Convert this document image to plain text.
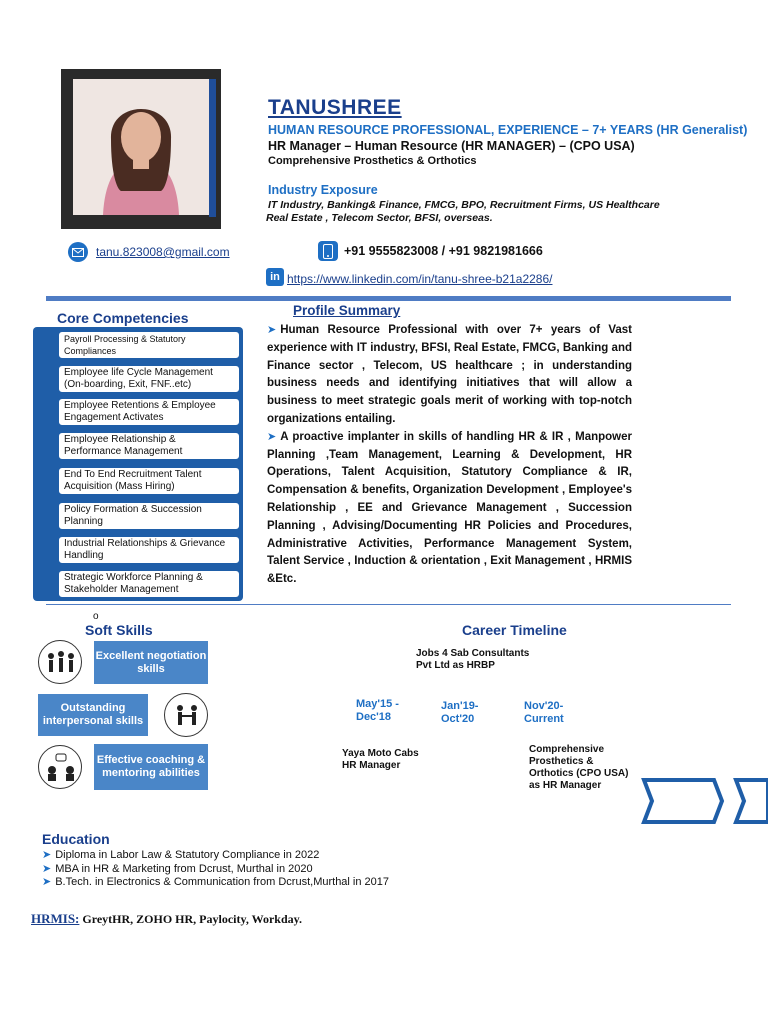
TANUSHREE
HUMAN RESOURCE PROFESSIONAL, EXPERIENCE – 7+ YEARS (HR Generalist)
HR Manager – Human Resource (HR MANAGER) – (CPO USA)
Comprehensive Prosthetics & Orthotics
Industry Exposure
IT Industry, Banking& Finance, FMCG, BPO, Recruitment Firms, US Healthcare
Real Estate , Telecom Sector, BFSI, overseas.
tanu.823008@gmail.com	+91 9555823008 / +91 9821981666
in https://www.linkedin.com/in/tanu-shree-b21a2286/
Core Competencies
Payroll Processing & Statutory Compliances
Employee life Cycle Management (On-boarding, Exit, FNF..etc)
Employee Retentions & Employee Engagement Activates
Employee Relationship & Performance Management
End To End Recruitment Talent Acquisition (Mass Hiring)
Policy Formation & Succession Planning
Industrial Relationships & Grievance Handling
Strategic Workforce Planning & Stakeholder Management
Profile Summary
➤ Human Resource Professional with over 7+ years of Vast experience with IT industry, BFSI, Real Estate, FMCG, Banking and Finance sector , Telecom, US healthcare ; in understanding business needs and identifying initiatives that will allow a business to meet strategic goals merit of working with top-notch organizations entailing.
➤ A proactive implanter in skills of handling HR & IR , Manpower Planning ,Team Management, Learning & Development, HR Operations, Talent Acquisition, Statutory Compliance & IR, Compensation & benefits, Organization Development , Employee's Relationship , EE and Grievance Management , Succession Planning , Advising/Documenting HR Policies and Procedures, Administrative Activities, Performance Management System, Talent Service , Induction & orientation , Exit Management , HRMIS &Etc.
o
Soft Skills
Excellent negotiation skills
Outstanding interpersonal skills
Effective coaching & mentoring abilities
Career Timeline
Jobs 4 Sab Consultants Pvt Ltd as HRBP
May'15 - Dec'18
Jan'19- Oct'20
Nov'20- Current
Yaya Moto Cabs HR Manager
Comprehensive Prosthetics & Orthotics (CPO USA) as HR Manager
Education
➤ Diploma in Labor Law & Statutory Compliance in 2022
➤ MBA in HR & Marketing from Dcrust, Murthal in 2020
➤ B.Tech. in Electronics & Communication from Dcrust,Murthal in 2017
HRMIS: GreytHR, ZOHO HR, Paylocity, Workday.
